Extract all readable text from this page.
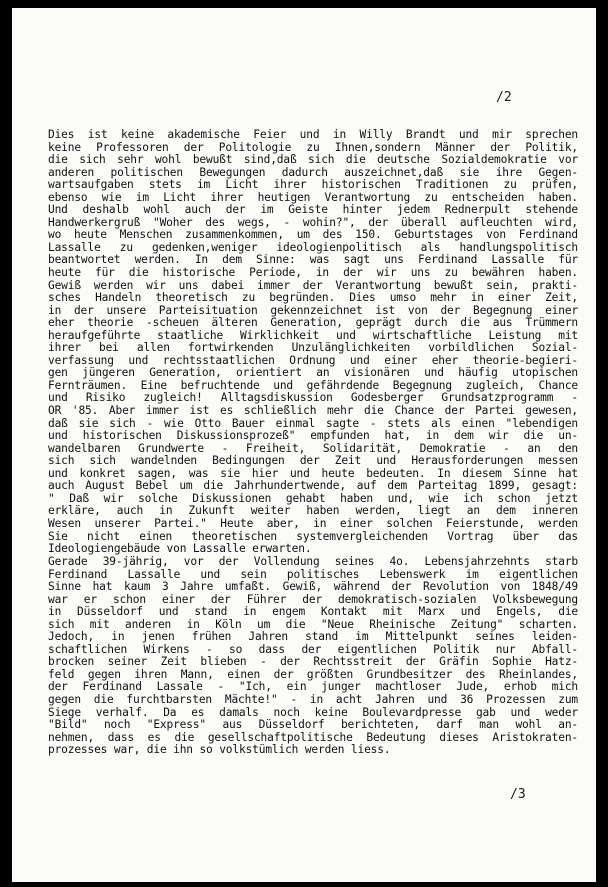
/2
Dies ist keine akademische Feier und in Willy Brandt und mir sprechen
keine Professoren der Politologie zu Ihnen,sondern Männer der Politik,
die sich sehr wohl bewußt sind,daß sich die deutsche Sozialdemokratie vor
anderen politischen Bewegungen dadurch auszeichnet,daß sie ihre Gegen-
wartsaufgaben stets im Licht ihrer historischen Traditionen zu prüfen,
ebenso wie im Licht ihrer heutigen Verantwortung zu entscheiden haben.
Und deshalb wohl auch der im Geiste hinter jedem Rednerpult stehende
Handwerkergruß "Woher des wegs, - wohin?", der überall aufleuchten wird,
wo heute Menschen zusammenkommen, um des 150. Geburtstages von Ferdinand
Lassalle zu gedenken,weniger ideologienpolitisch als handlungspolitisch
beantwortet werden. In dem Sinne: was sagt uns Ferdinand Lassalle für
heute für die historische Periode, in der wir uns zu bewähren haben.
Gewiß werden wir uns dabei immer der Verantwortung bewußt sein, prakti-
sches Handeln theoretisch zu begründen. Dies umso mehr in einer Zeit,
in der unsere Parteisituation gekennzeichnet ist von der Begegnung einer
eher theorie -scheuen älteren Generation, geprägt durch die aus Trümmern
heraufgeführte staatliche Wirklichkeit und wirtschaftliche Leistung mit
ihrer bei allen fortwirkenden Unzulänglichkeiten vorbildlichen Sozial-
verfassung und rechtsstaatlichen Ordnung und einer eher theorie-begieri-
gen jüngeren Generation, orientiert an visionären und häufig utopischen
Fernträumen. Eine befruchtende und gefährdende Begegnung zugleich, Chance
und Risiko zugleich! Alltagsdiskussion Godesberger Grundsatzprogramm -
OR '85. Aber immer ist es schließlich mehr die Chance der Partei gewesen,
daß sie sich - wie Otto Bauer einmal sagte - stets als einen "lebendigen
und historischen Diskussionsprozeß" empfunden hat, in dem wir die un-
wandelbaren Grundwerte - Freiheit, Solidarität, Demokratie - an den
sich sich wandelnden Bedingungen der Zeit und Herausforderungen messen
und konkret sagen, was sie hier und heute bedeuten. In diesem Sinne hat
auch August Bebel um die Jahrhundertwende, auf dem Parteitag 1899, gesagt:
" Daß wir solche Diskussionen gehabt haben und, wie ich schon jetzt
erkläre, auch in Zukunft weiter haben werden, liegt an dem inneren
Wesen unserer Partei." Heute aber, in einer solchen Feierstunde, werden
Sie nicht einen theoretischen systemvergleichenden Vortrag über das
Ideologiengebäude von Lassalle erwarten.
Gerade 39-jährig, vor der Vollendung seines 4o. Lebensjahrzehnts starb
Ferdinand Lassalle und sein politisches Lebenswerk im eigentlichen
Sinne hat kaum 3 Jahre umfaßt. Gewiß, während der Revolution von 1848/49
war er schon einer der Führer der demokratisch-sozialen Volksbewegung
in Düsseldorf und stand in engem Kontakt mit Marx und Engels, die
sich mit anderen in Köln um die "Neue Rheinische Zeitung" scharten.
Jedoch, in jenen frühen Jahren stand im Mittelpunkt seines leiden-
schaftlichen Wirkens - so dass der eigentlichen Politik nur Abfall-
brocken seiner Zeit blieben - der Rechtsstreit der Gräfin Sophie Hatz-
feld gegen ihren Mann, einen der größten Grundbesitzer des Rheinlandes,
der Ferdinand Lassale - "Ich, ein junger machtloser Jude, erhob mich
gegen die furchtbarsten Mächte!" - in acht Jahren und 36 Prozessen zum
Siege verhalf. Da es damals noch keine Boulevardpresse gab und weder
"Bild" noch "Express" aus Düsseldorf berichteten, darf man wohl an-
nehmen, dass es die gesellschaftpolitische Bedeutung dieses Aristokraten-
prozesses war, die ihn so volkstümlich werden liess.
/3
